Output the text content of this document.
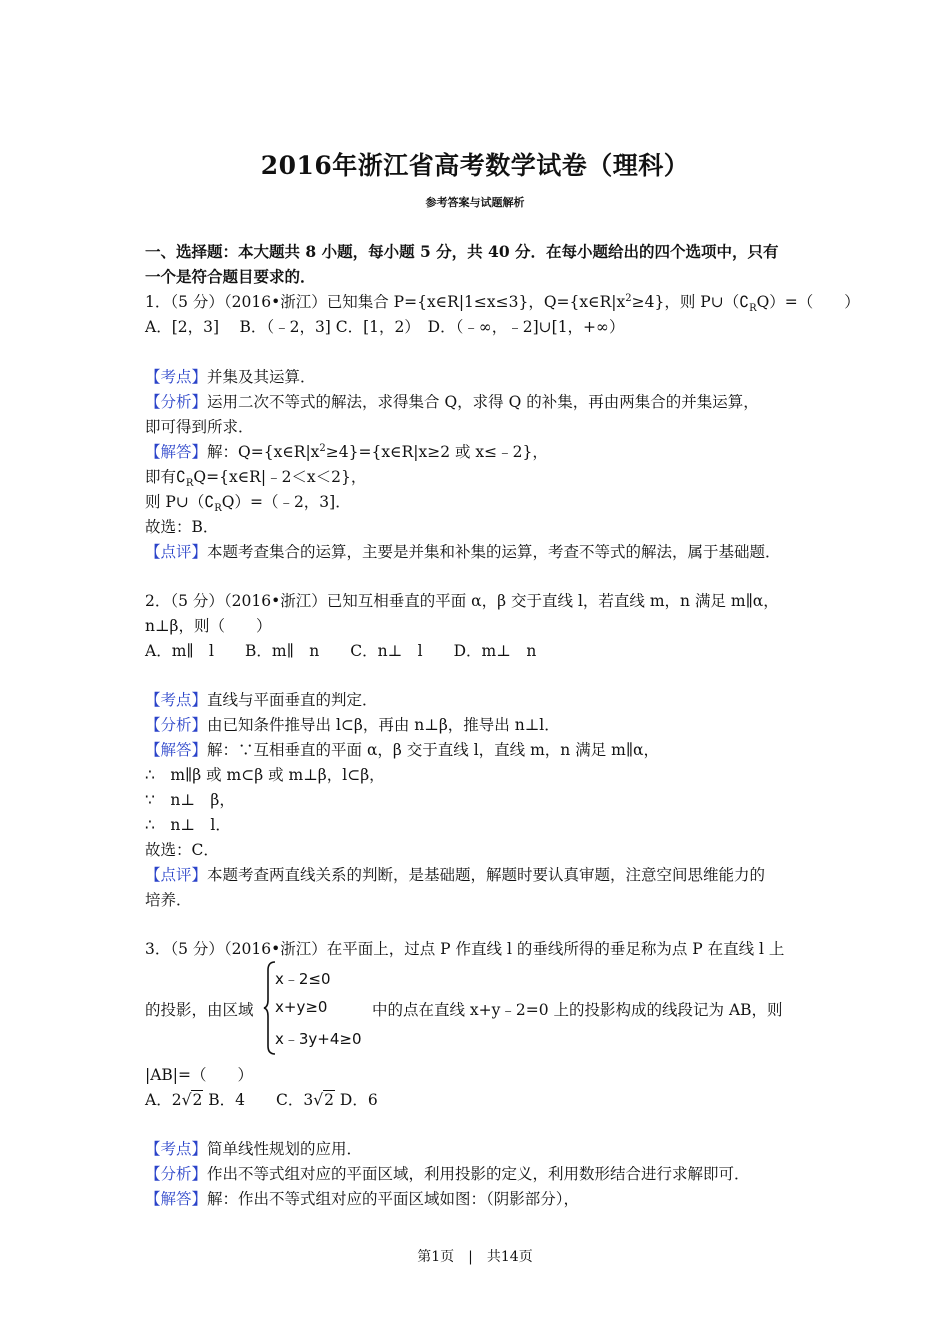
2016年浙江省高考数学试卷（理科）
参考答案与试题解析
一、选择题：本大题共 8 小题，每小题 5 分，共 40 分．在每小题给出的四个选项中，只有
一个是符合题目要求的．
1．（5 分）（2016•浙江）已知集合 P={x∈R|1≤x≤3}，$Q=\{x\in R|x^2\ge 4\}$，则 $P\cup(∁_RQ)=$（　　）
A．[2，3]　 B．（﹣2，3] C．[1，2）　D．（﹣∞，﹣2]∪[1，+∞）
【考点】并集及其运算．
【分析】运用二次不等式的解法，求得集合 Q，求得 Q 的补集，再由两集合的并集运算，
即可得到所求．
【解答】解：$Q=\{x\in R|x^2\ge 4\}=\{x\in R|x\ge 2$ 或 x≤﹣2}，
即有$∁_RQ=\{x\in R|﹣2<x<2\}$，
则 $P\cup(∁_RQ)=(﹣2$，3]．
故选：B．
【点评】本题考查集合的运算，主要是并集和补集的运算，考查不等式的解法，属于基础题．
2．（5 分）（2016•浙江）已知互相垂直的平面 α，β 交于直线 l，若直线 m，n 满足 m∥α，
n⊥β，则（　　）
A．m∥　l　　B．m∥　n　　C．n⊥　l　　D．m⊥　n
【考点】直线与平面垂直的判定．
【分析】由已知条件推导出 l⊂β，再由 n⊥β，推导出 n⊥l．
【解答】解：∵互相垂直的平面 α，β 交于直线 l，直线 m，n 满足 m∥α，
∴　m∥β 或 m⊂β 或 m⊥β，l⊂β，
∵　n⊥　β，
∴　n⊥　l．
故选：C．
【点评】本题考查两直线关系的判断，是基础题，解题时要认真审题，注意空间思维能力的
培养．
3．（5 分）（2016•浙江）在平面上，过点 P 作直线 l 的垂线所得的垂足称为点 P 在直线 l 上
的投影，由区域
x﹣2≤0
x+y≥0
x﹣3y+4≥0
中的点在直线 x+y﹣2=0 上的投影构成的线段记为 AB，则
|AB|=（　　）
A．2√2 B．4　　C．3√2 D．6
【考点】简单线性规划的应用．
【分析】作出不等式组对应的平面区域，利用投影的定义，利用数形结合进行求解即可．
【解答】解：作出不等式组对应的平面区域如图：（阴影部分），
第1页　|　共14页
